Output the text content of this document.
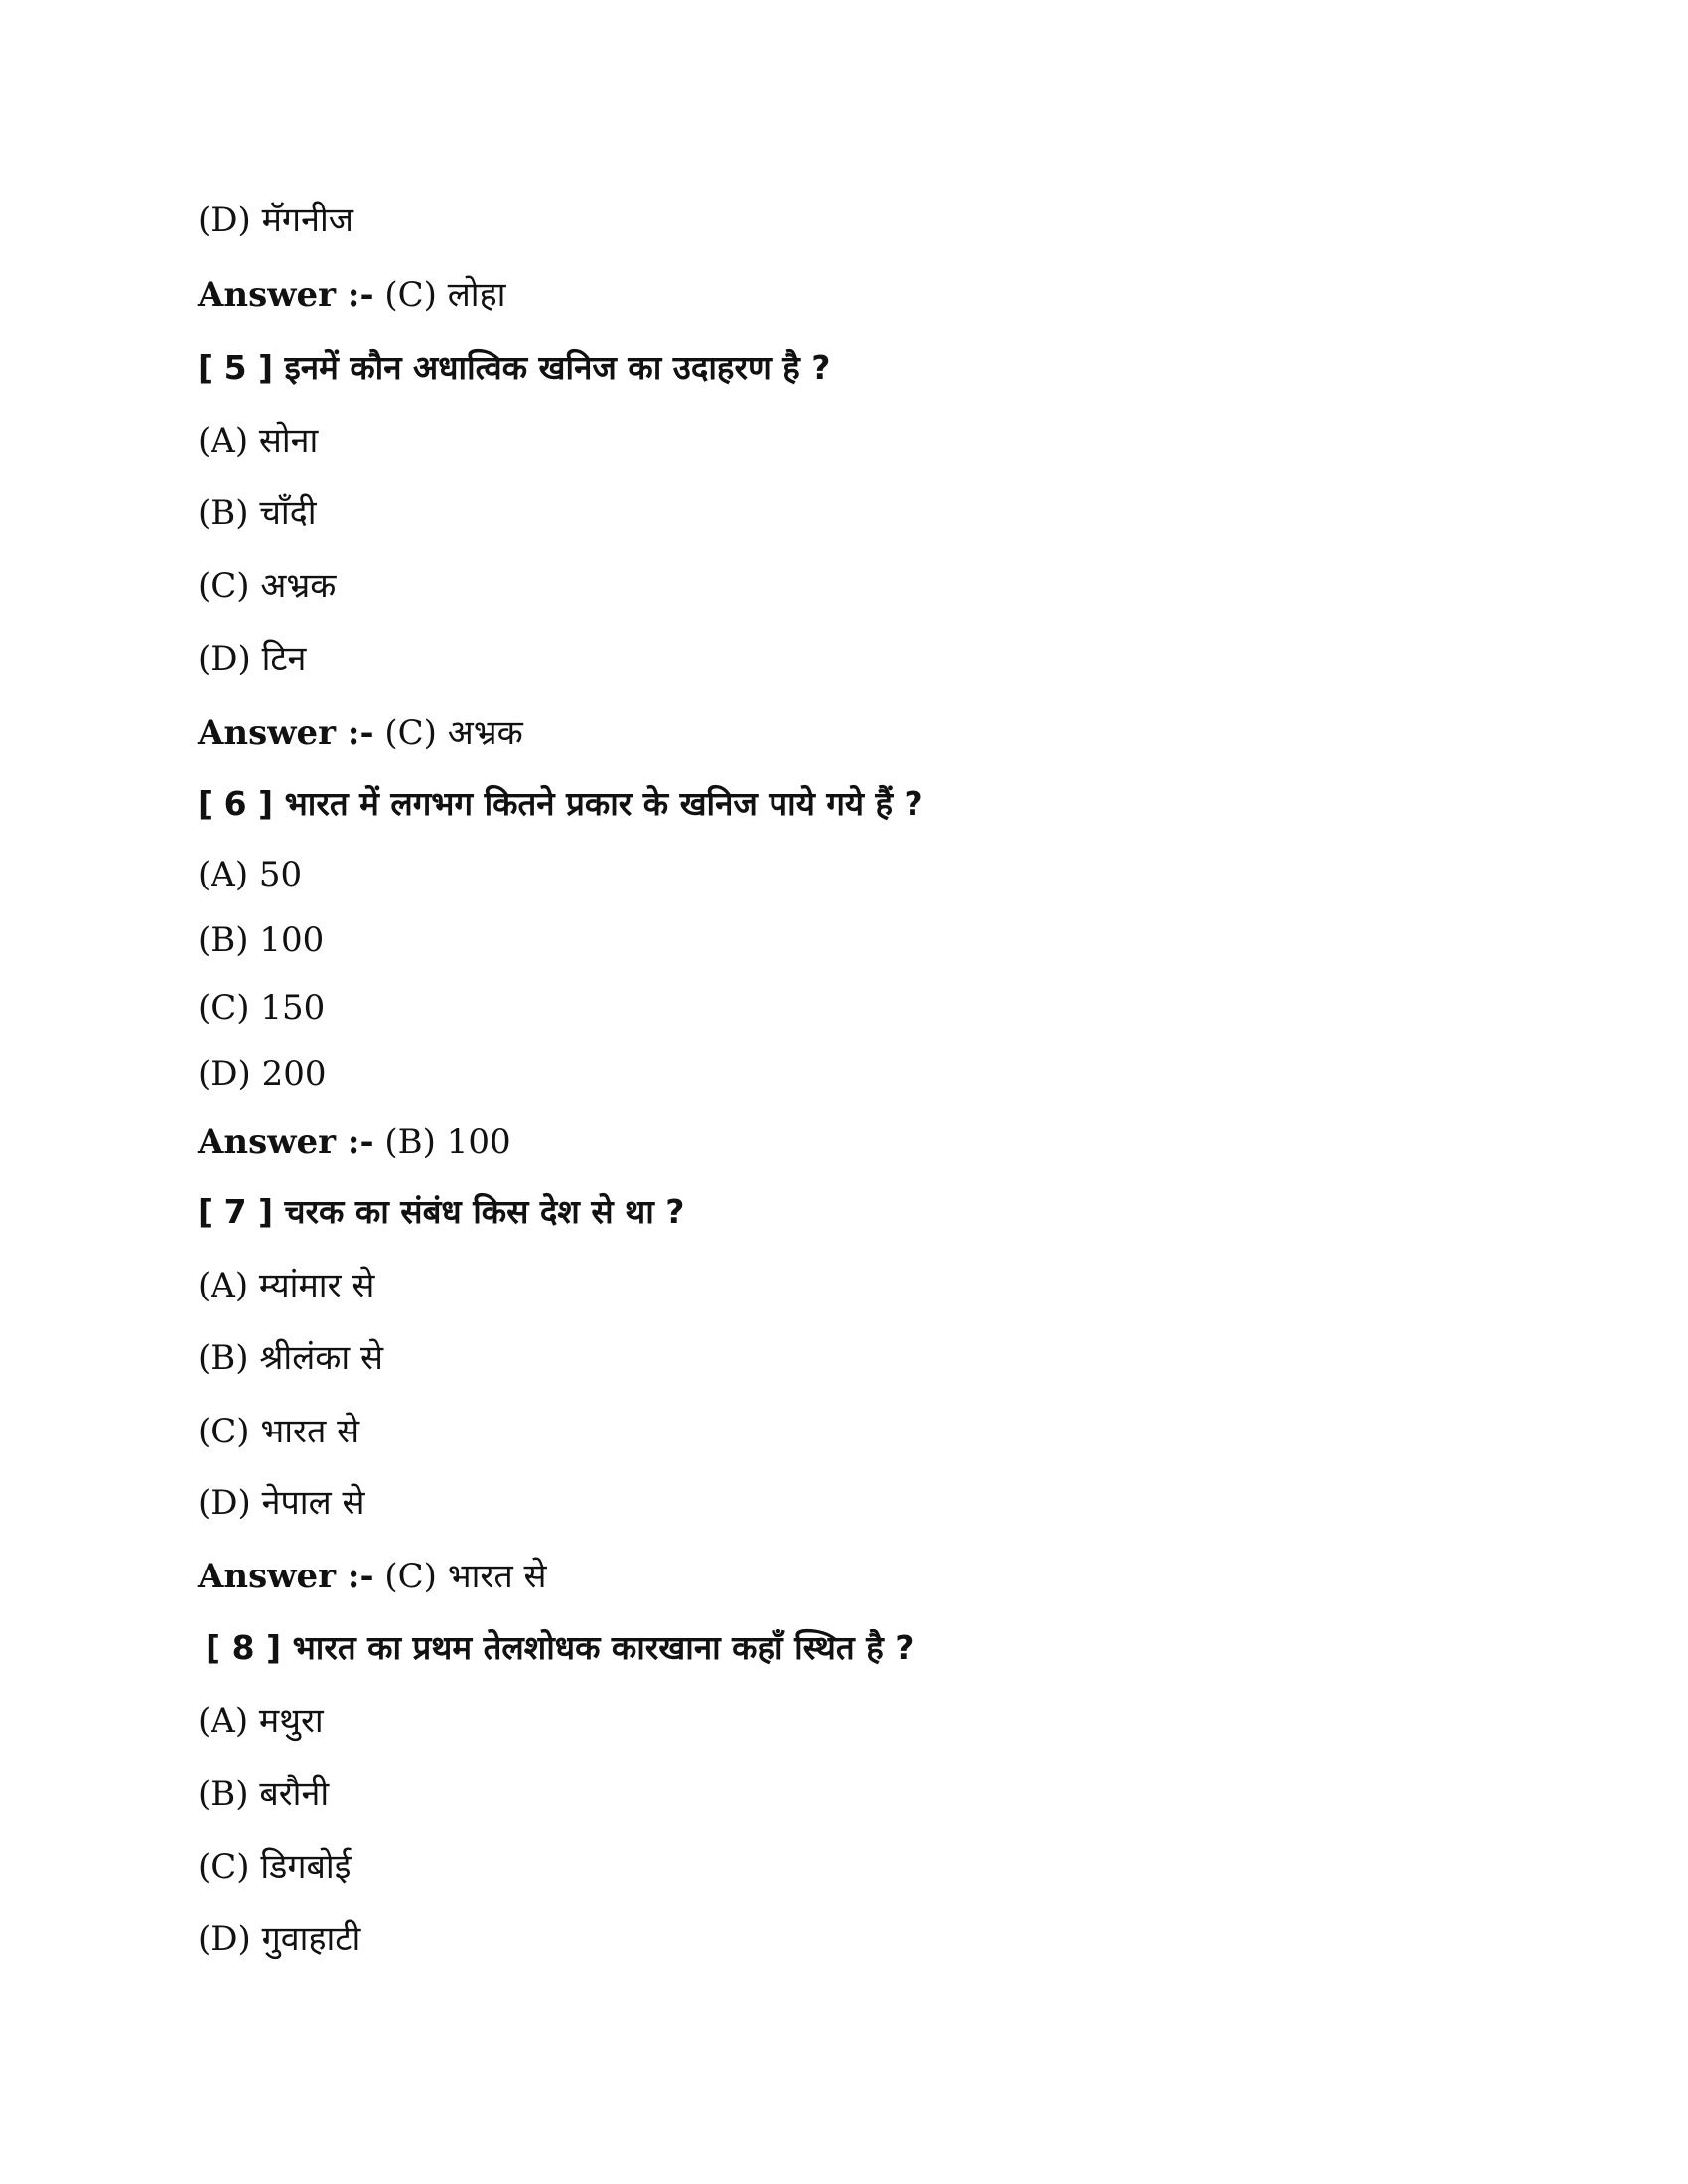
(D) मॅगनीज
Answer :- (C) लोहा
[ 5 ] इनमें कौन अधात्विक खनिज का उदाहरण है ?
(A) सोना
(B) चाँदी
(C) अभ्रक
(D) टिन
Answer :- (C) अभ्रक
[ 6 ] भारत में लगभग कितने प्रकार के खनिज पाये गये हैं ?
(A) 50
(B) 100
(C) 150
(D) 200
Answer :- (B) 100
[ 7 ] चरक का संबंध किस देश से था ?
(A) म्यांमार से
(B) श्रीलंका से
(C) भारत से
(D) नेपाल से
Answer :- (C) भारत से
[ 8 ] भारत का प्रथम तेलशोधक कारखाना कहाँ स्थित है ?
(A) मथुरा
(B) बरौनी
(C) डिगबोई
(D) गुवाहाटी
